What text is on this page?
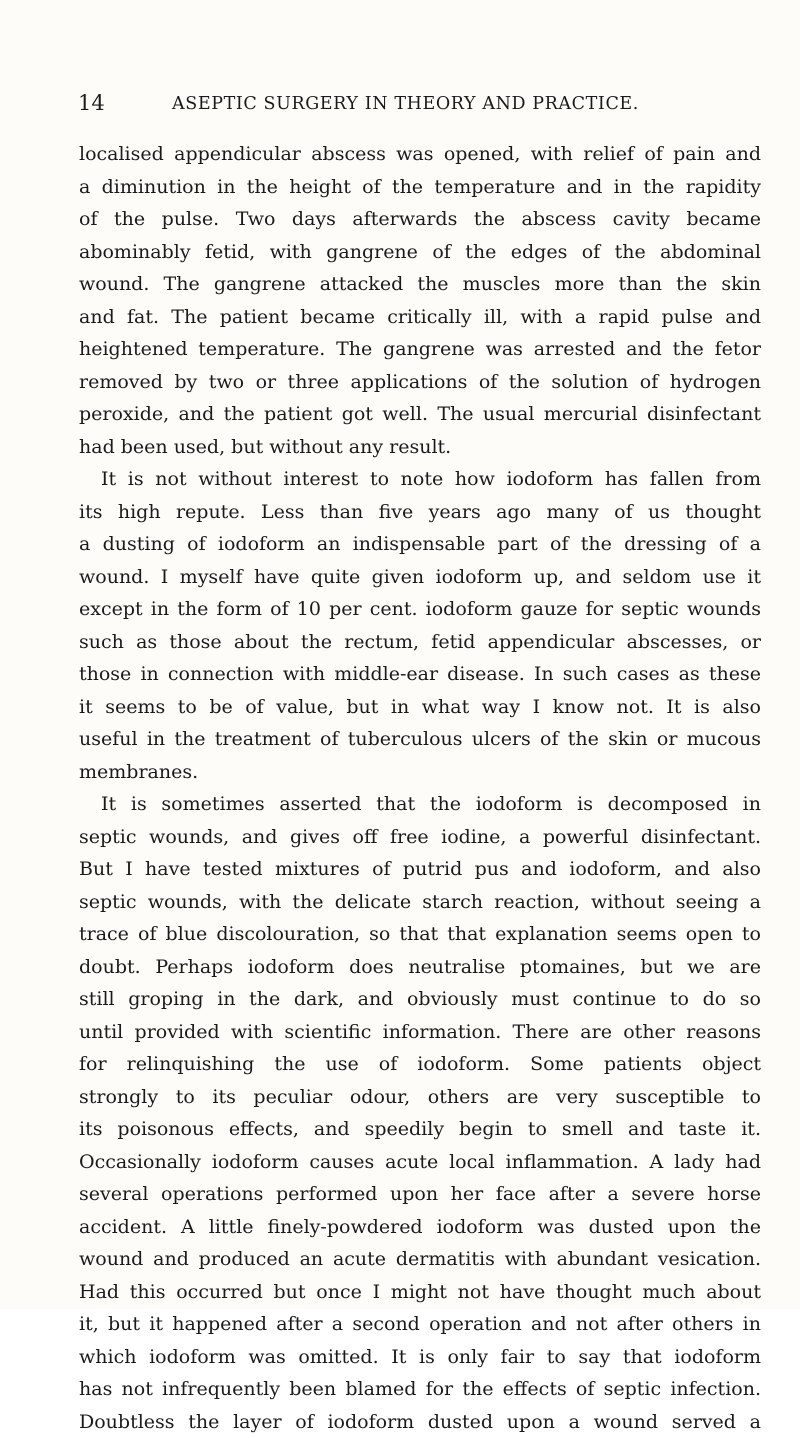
14	ASEPTIC SURGERY IN THEORY AND PRACTICE.
localised appendicular abscess was opened, with relief of pain and
a diminution in the height of the temperature and in the rapidity
of the pulse. Two days afterwards the abscess cavity became
abominably fetid, with gangrene of the edges of the abdominal
wound. The gangrene attacked the muscles more than the skin
and fat. The patient became critically ill, with a rapid pulse and
heightened temperature. The gangrene was arrested and the fetor
removed by two or three applications of the solution of hydrogen
peroxide, and the patient got well. The usual mercurial disinfectant
had been used, but without any result.
It is not without interest to note how iodoform has fallen from
its high repute. Less than five years ago many of us thought
a dusting of iodoform an indispensable part of the dressing of a
wound. I myself have quite given iodoform up, and seldom use it
except in the form of 10 per cent. iodoform gauze for septic wounds
such as those about the rectum, fetid appendicular abscesses, or
those in connection with middle-ear disease. In such cases as these
it seems to be of value, but in what way I know not. It is also
useful in the treatment of tuberculous ulcers of the skin or mucous
membranes.
It is sometimes asserted that the iodoform is decomposed in
septic wounds, and gives off free iodine, a powerful disinfectant.
But I have tested mixtures of putrid pus and iodoform, and also
septic wounds, with the delicate starch reaction, without seeing a
trace of blue discolouration, so that that explanation seems open to
doubt. Perhaps iodoform does neutralise ptomaines, but we are
still groping in the dark, and obviously must continue to do so
until provided with scientific information. There are other reasons
for relinquishing the use of iodoform. Some patients object
strongly to its peculiar odour, others are very susceptible to
its poisonous effects, and speedily begin to smell and taste it.
Occasionally iodoform causes acute local inflammation. A lady had
several operations performed upon her face after a severe horse
accident. A little finely-powdered iodoform was dusted upon the
wound and produced an acute dermatitis with abundant vesication.
Had this occurred but once I might not have thought much about
it, but it happened after a second operation and not after others in
which iodoform was omitted. It is only fair to say that iodoform
has not infrequently been blamed for the effects of septic infection.
Doubtless the layer of iodoform dusted upon a wound served a
